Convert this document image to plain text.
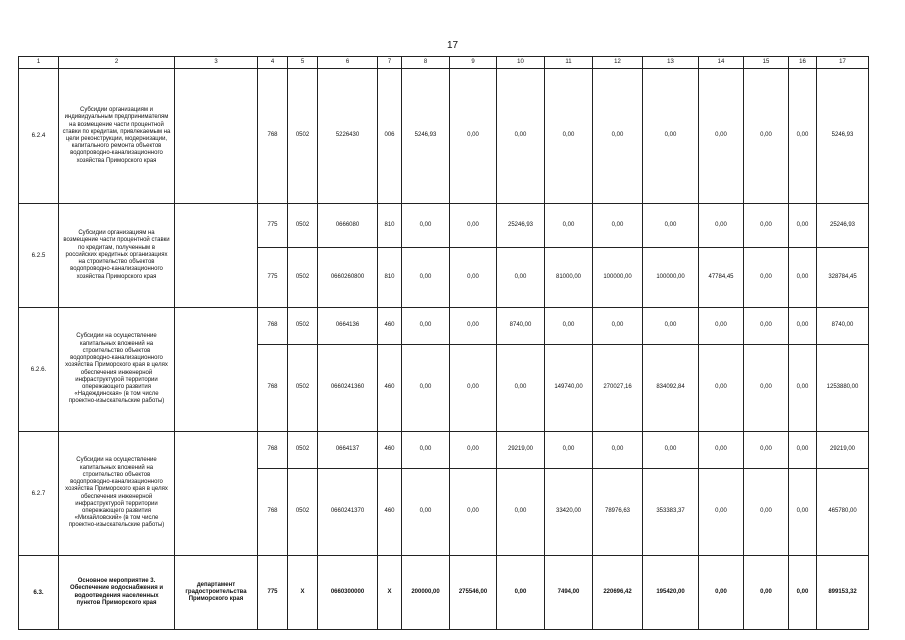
17
1	2	3	4	5	6	7	8	9	10	11	12	13	14	15	16	17
6.2.4	Субсидии организациям и индивидуальным предпринимателям на возмещение части процентной ставки по кредитам, привлекаемым на цели реконструкции, модернизации, капитального ремонта объектов водопроводно-канализационного хозяйства Приморского края		768	0502	5226430	006	5246,93	0,00	0,00	0,00	0,00	0,00	0,00	0,00	0,00	5246,93
6.2.5	Субсидии организациям на возмещение части процентной ставки по кредитам, полученным в российских кредитных организациях на строительство объектов водопроводно-канализационного хозяйства Приморского края		775	0502	0666080	810	0,00	0,00	25246,93	0,00	0,00	0,00	0,00	0,00	0,00	25246,93
			775	0502	0660260800	810	0,00	0,00	0,00	81000,00	100000,00	100000,00	47784,45	0,00	0,00	328784,45
6.2.6.	Субсидии на осуществление капитальных вложений на строительство объектов водопроводно-канализационного хозяйства Приморского края в целях обеспечения инженерной инфраструктурой территории опережающего развития «Надеждинская» (в том числе проектно-изыскательские работы)		768	0502	0664136	460	0,00	0,00	8740,00	0,00	0,00	0,00	0,00	0,00	0,00	8740,00
			768	0502	0660241360	460	0,00	0,00	0,00	149740,00	270027,16	834092,84	0,00	0,00	0,00	1253880,00
6.2.7	Субсидии на осуществление капитальных вложений на строительство объектов водопроводно-канализационного хозяйства Приморского края в целях обеспечения инженерной инфраструктурой территории опережающего развития «Михайловский» (в том числе проектно-изыскательские работы)		768	0502	0664137	460	0,00	0,00	29219,00	0,00	0,00	0,00	0,00	0,00	0,00	29219,00
			768	0502	0660241370	460	0,00	0,00	0,00	33420,00	78976,63	353383,37	0,00	0,00	0,00	465780,00
6.3.	Основное мероприятие 3. Обеспечение водоснабжения и водоотведения населенных пунктов Приморского края	департамент градостроительства Приморского края	775	X	0660300000	X	200000,00	275546,00	0,00	7494,00	220696,42	195420,00	0,00	0,00	0,00	899153,32
